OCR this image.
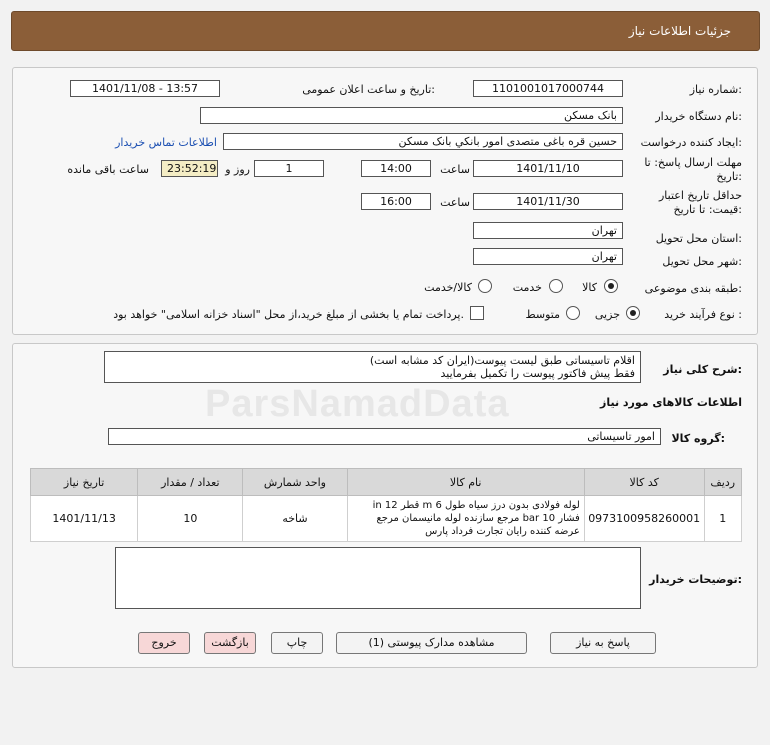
جزئیات اطلاعات نیاز
شماره نیاز:
1101001017000744
تاریخ و ساعت اعلان عمومی:
1401/11/08 - 13:57
نام دستگاه خریدار:
بانک مسکن
ایجاد کننده درخواست:
حسین قره باغی متصدی امور بانکي بانک مسکن
اطلاعات تماس خریدار
مهلت ارسال پاسخ: تا
تاریخ:
1401/11/10
ساعت
14:00
1
روز و
23:52:19
ساعت باقی مانده
حداقل تاریخ اعتبار
قیمت: تا تاریخ:
1401/11/30
ساعت
16:00
استان محل تحویل:
تهران
شهر محل تحویل:
تهران
طبقه بندی موضوعی:
کالا
خدمت
کالا/خدمت
نوع فرآیند خرید :
جزیی
متوسط
پرداخت تمام یا بخشی از مبلغ خرید،از محل "اسناد خزانه اسلامی" خواهد بود.
شرح کلی نیاز:
اقلام تاسیساتی طبق لیست پیوست(ایران کد مشابه است)
فقط پیش فاکتور پیوست را تکمیل بفرمایید
اطلاعات کالاهای مورد نیاز
گروه کالا:
امور تاسیساتی
ردیف	کد کالا	نام کالا	واحد شمارش	تعداد / مقدار	تاریخ نیاز
1	0973100958260001	لوله فولادی بدون درز سیاه طول 6 m قطر 12 in فشار 10 bar مرجع سازنده لوله مانیسمان مرجع عرضه کننده رایان تجارت فرداد پارس	شاخه	10	1401/11/13
توضیحات خریدار:
پاسخ به نیاز
مشاهده مدارک پیوستی (1)
چاپ
بازگشت
خروج
